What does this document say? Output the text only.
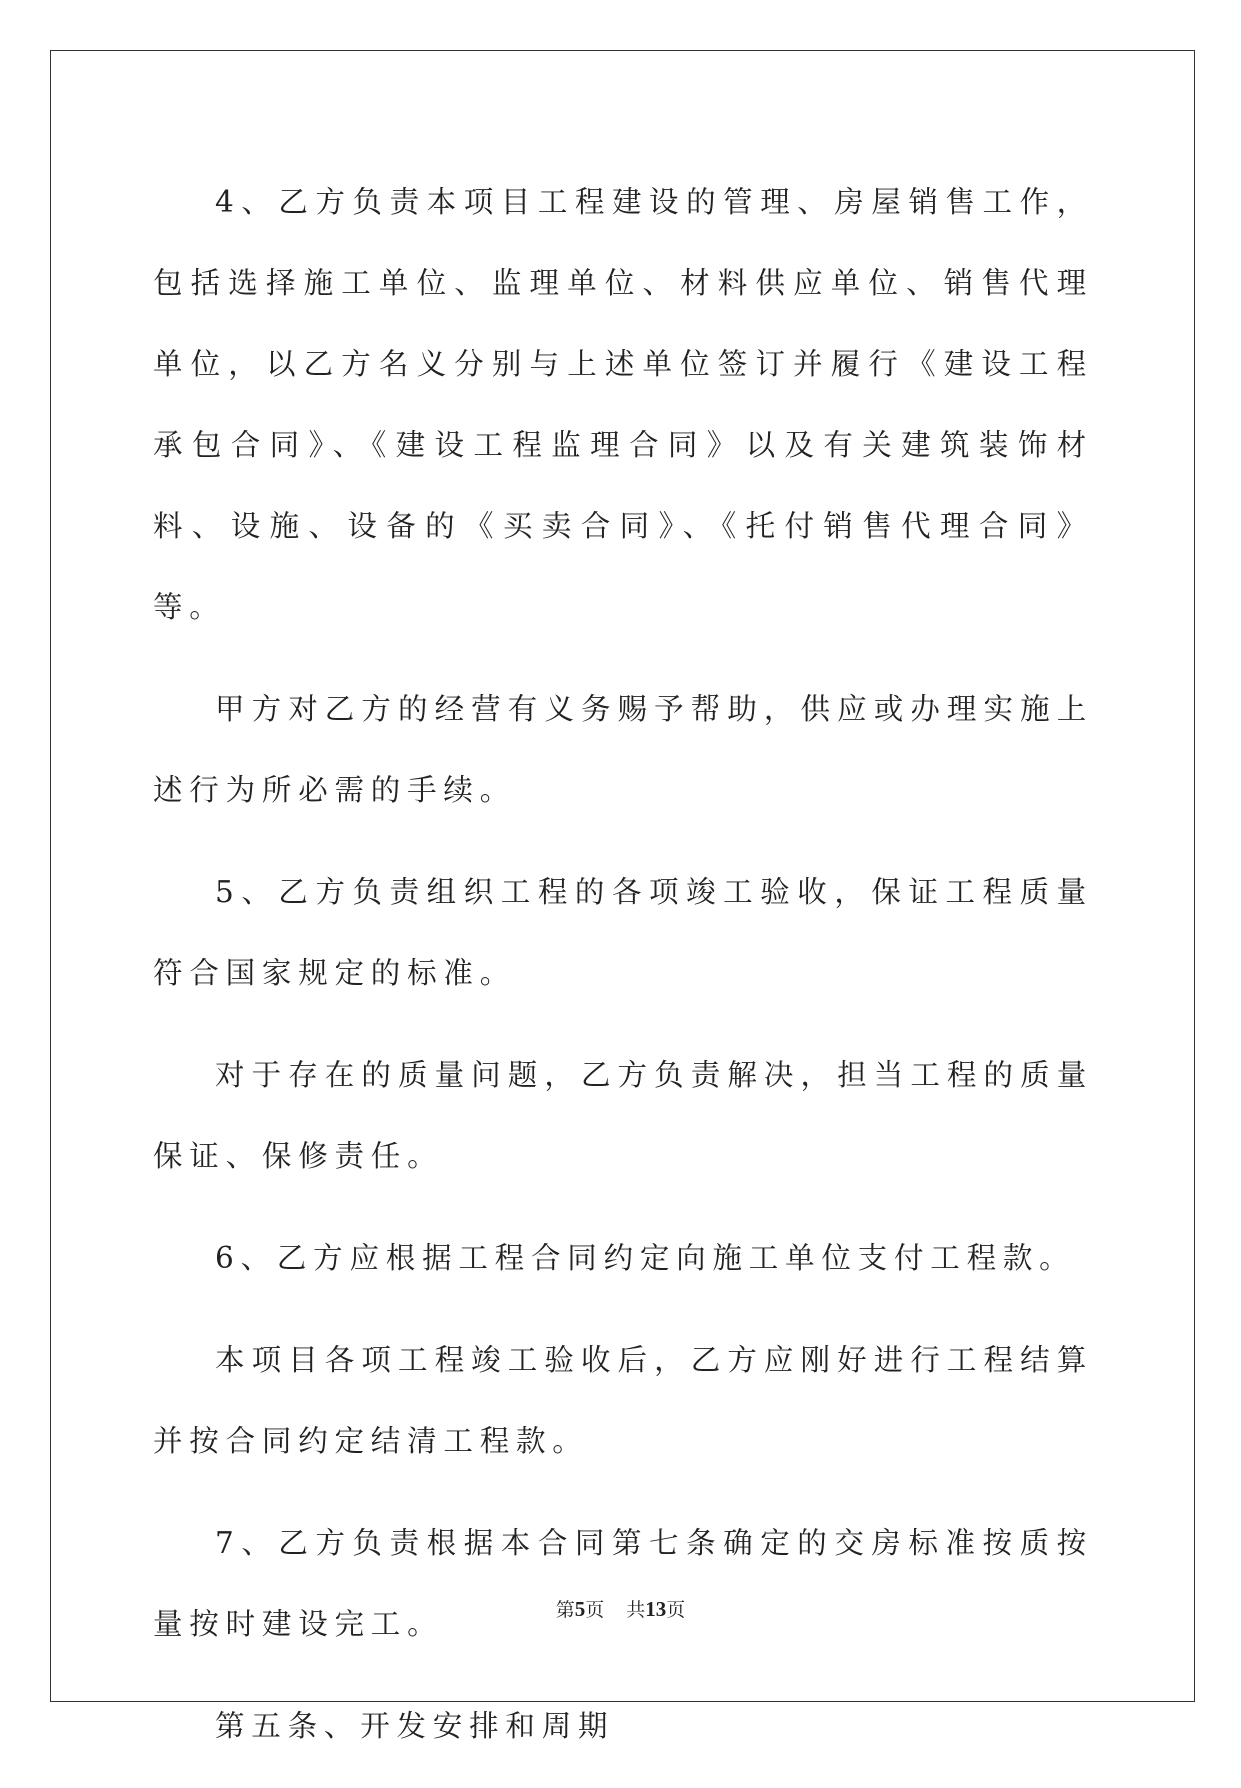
4、乙方负责本项目工程建设的管理、房屋销售工作，包括选择施工单位、监理单位、材料供应单位、销售代理单位，以乙方名义分别与上述单位签订并履行《建设工程承包合同》、《建设工程监理合同》以及有关建筑装饰材料、设施、设备的《买卖合同》、《托付销售代理合同》等。

甲方对乙方的经营有义务赐予帮助，供应或办理实施上述行为所必需的手续。

5、乙方负责组织工程的各项竣工验收，保证工程质量符合国家规定的标准。

对于存在的质量问题，乙方负责解决，担当工程的质量保证、保修责任。

6、乙方应根据工程合同约定向施工单位支付工程款。

本项目各项工程竣工验收后，乙方应刚好进行工程结算并按合同约定结清工程款。

7、乙方负责根据本合同第七条确定的交房标准按质按量按时建设完工。

第五条、开发安排和周期

第5页 共13页
